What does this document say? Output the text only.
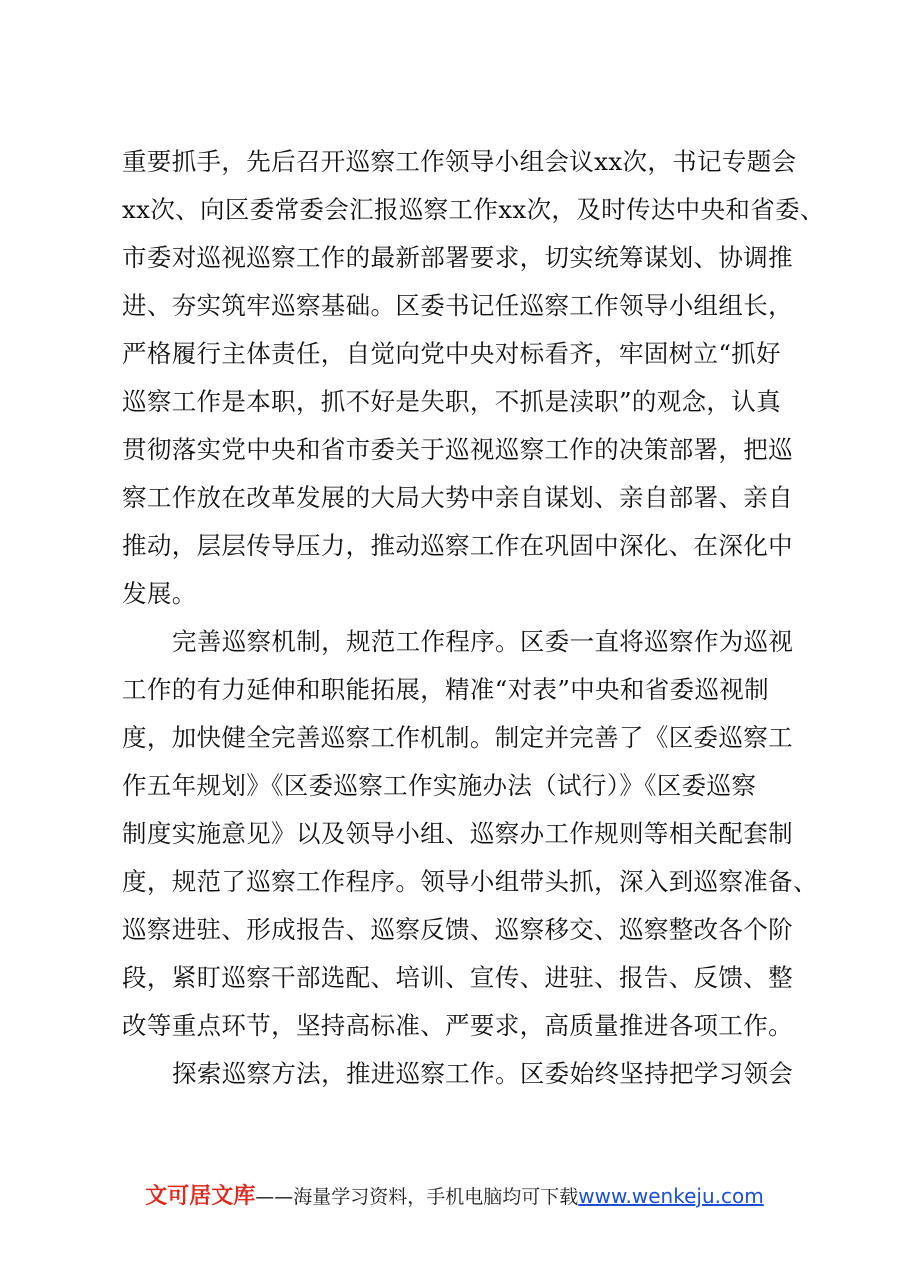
重要抓手，先后召开巡察工作领导小组会议xx次，书记专题会
xx次、向区委常委会汇报巡察工作xx次，及时传达中央和省委、
市委对巡视巡察工作的最新部署要求，切实统筹谋划、协调推
进、夯实筑牢巡察基础。区委书记任巡察工作领导小组组长，
严格履行主体责任，自觉向党中央对标看齐，牢固树立“抓好
巡察工作是本职，抓不好是失职，不抓是渎职”的观念，认真
贯彻落实党中央和省市委关于巡视巡察工作的决策部署，把巡
察工作放在改革发展的大局大势中亲自谋划、亲自部署、亲自
推动，层层传导压力，推动巡察工作在巩固中深化、在深化中
发展。
完善巡察机制，规范工作程序。区委一直将巡察作为巡视
工作的有力延伸和职能拓展，精准“对表”中央和省委巡视制
度，加快健全完善巡察工作机制。制定并完善了《区委巡察工
作五年规划》《区委巡察工作实施办法（试行）》《区委巡察
制度实施意见》以及领导小组、巡察办工作规则等相关配套制
度，规范了巡察工作程序。领导小组带头抓，深入到巡察准备、
巡察进驻、形成报告、巡察反馈、巡察移交、巡察整改各个阶
段，紧盯巡察干部选配、培训、宣传、进驻、报告、反馈、整
改等重点环节，坚持高标准、严要求，高质量推进各项工作。
探索巡察方法，推进巡察工作。区委始终坚持把学习领会
文可居文库——海量学习资料，手机电脑均可下载www.wenkeju.com
